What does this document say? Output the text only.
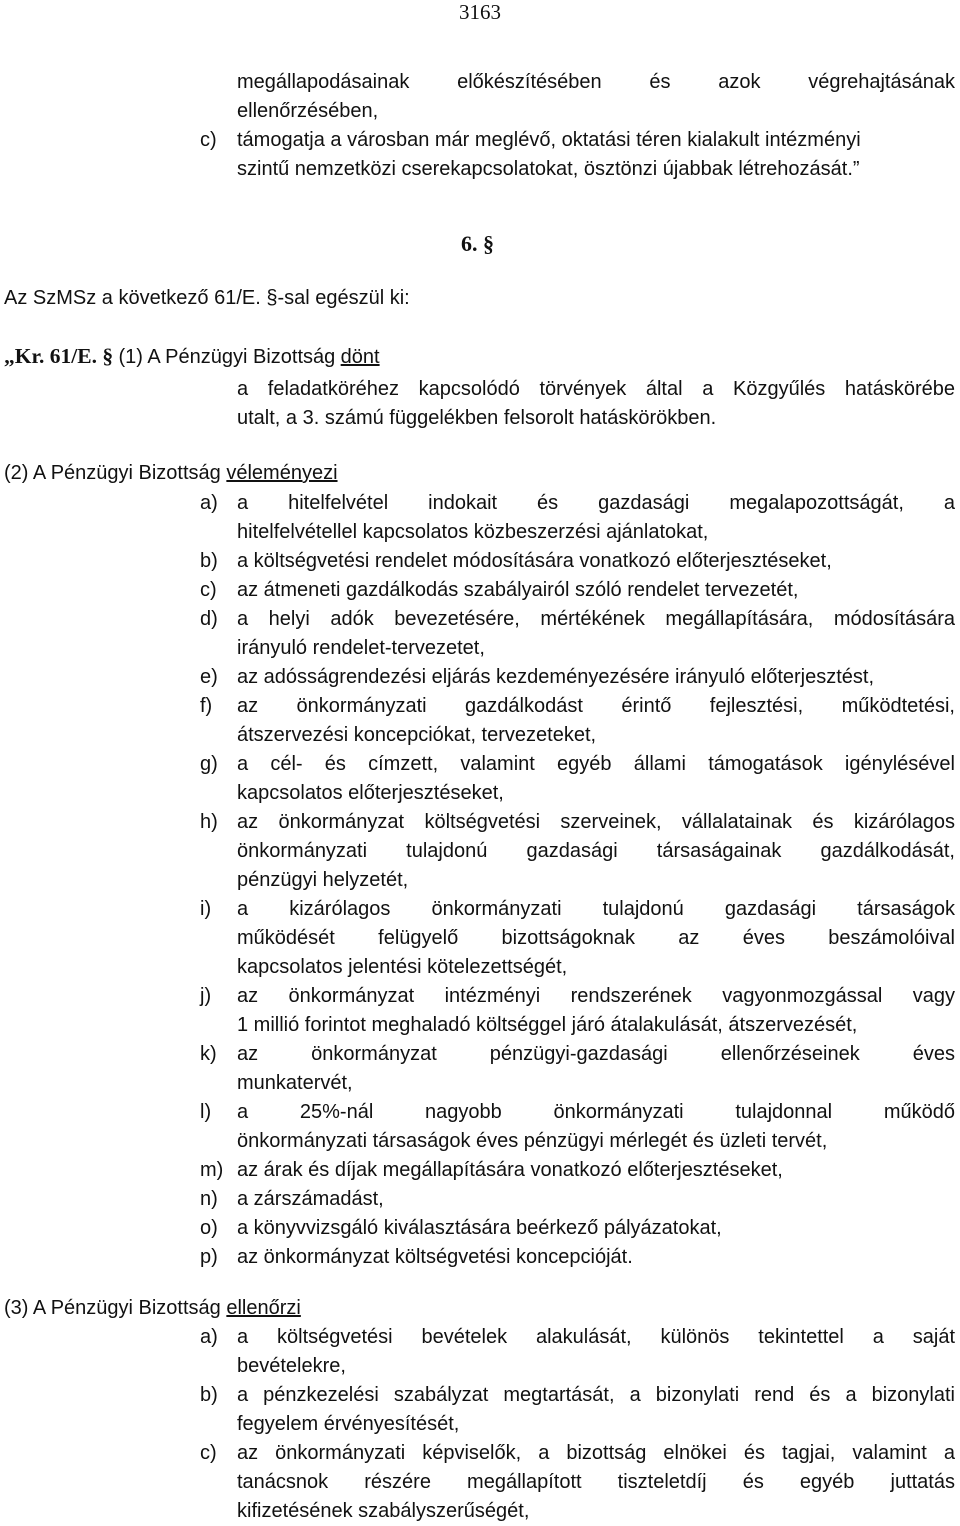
3163
megállapodásainak előkészítésében és azok végrehajtásának
ellenőrzésében,
c) támogatja a városban már meglévő, oktatási téren kialakult intézményi
szintű nemzetközi cserekapcsolatokat, ösztönzi újabbak létrehozását.”
6. §
Az SzMSz a következő 61/E. §-sal egészül ki:
„Kr. 61/E. § (1) A Pénzügyi Bizottság dönt
a feladatköréhez kapcsolódó törvények által a Közgyűlés hatáskörébe
utalt, a 3. számú függelékben felsorolt hatáskörökben.
(2) A Pénzügyi Bizottság véleményezi
a) a hitelfelvétel indokait és gazdasági megalapozottságát, a
hitelfelvétellel kapcsolatos közbeszerzési ajánlatokat,
b) a költségvetési rendelet módosítására vonatkozó előterjesztéseket,
c) az átmeneti gazdálkodás szabályairól szóló rendelet tervezetét,
d) a helyi adók bevezetésére, mértékének megállapítására, módosítására
irányuló rendelet-tervezetet,
e) az adósságrendezési eljárás kezdeményezésére irányuló előterjesztést,
f) az önkormányzati gazdálkodást érintő fejlesztési, működtetési,
átszervezési koncepciókat, tervezeteket,
g) a cél- és címzett, valamint egyéb állami támogatások igénylésével
kapcsolatos előterjesztéseket,
h) az önkormányzat költségvetési szerveinek, vállalatainak és kizárólagos
önkormányzati tulajdonú gazdasági társaságainak gazdálkodását,
pénzügyi helyzetét,
i) a kizárólagos önkormányzati tulajdonú gazdasági társaságok
működését felügyelő bizottságoknak az éves beszámolóival
kapcsolatos jelentési kötelezettségét,
j) az önkormányzat intézményi rendszerének vagyonmozgással vagy
1 millió forintot meghaladó költséggel járó átalakulását, átszervezését,
k) az önkormányzat pénzügyi-gazdasági ellenőrzéseinek éves
munkatervét,
l) a 25%-nál nagyobb önkormányzati tulajdonnal működő
önkormányzati társaságok éves pénzügyi mérlegét és üzleti tervét,
m) az árak és díjak megállapítására vonatkozó előterjesztéseket,
n) a zárszámadást,
o) a könyvvizsgáló kiválasztására beérkező pályázatokat,
p) az önkormányzat költségvetési koncepcióját.
(3) A Pénzügyi Bizottság ellenőrzi
a) a költségvetési bevételek alakulását, különös tekintettel a saját
bevételekre,
b) a pénzkezelési szabályzat megtartását, a bizonylati rend és a bizonylati
fegyelem érvényesítését,
c) az önkormányzati képviselők, a bizottság elnökei és tagjai, valamint a
tanácsnok részére megállapított tiszteletdíj és egyéb juttatás
kifizetésének szabályszerűségét,
